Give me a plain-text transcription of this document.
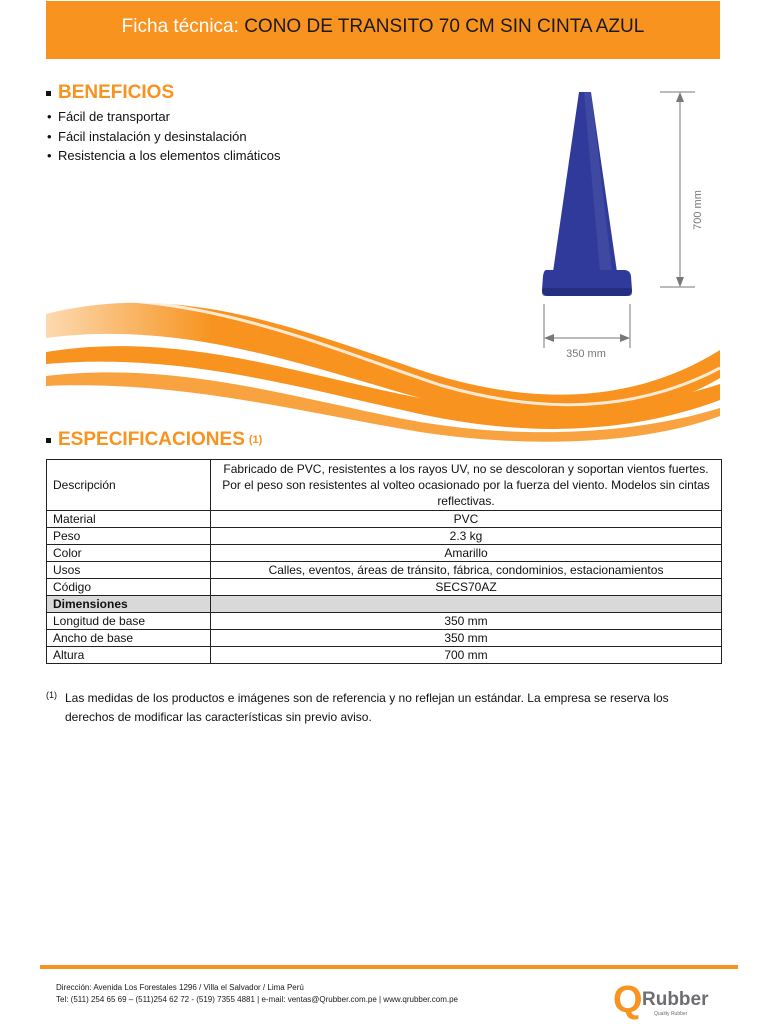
Ficha técnica: CONO DE TRANSITO 70 CM SIN CINTA AZUL
BENEFICIOS
• Fácil de transportar
• Fácil instalación y desinstalación
• Resistencia a los elementos climáticos
700 mm
350 mm
ESPECIFICACIONES (1)
Descripción	Fabricado de PVC, resistentes a los rayos UV, no se descoloran y soportan vientos fuertes. Por el peso son resistentes al volteo ocasionado por la fuerza del viento. Modelos sin cintas reflectivas.
Material	PVC
Peso	2.3 kg
Color	Amarillo
Usos	Calles, eventos, áreas de tránsito, fábrica, condominios, estacionamientos
Código	SECS70AZ
Dimensiones	
Longitud de base	350 mm
Ancho de base	350 mm
Altura	700 mm
(1) Las medidas de los productos e imágenes son de referencia y no reflejan un estándar. La empresa se reserva los derechos de modificar las características sin previo aviso.
Dirección: Avenida Los Forestales 1296 / Villa el Salvador / Lima Perú
Tel: (511) 254 65 69 – (511)254 62 72 - (519) 7355 4881 | e-mail: ventas@Qrubber.com.pe | www.qrubber.com.pe	Q Rubber
Quality Rubber
